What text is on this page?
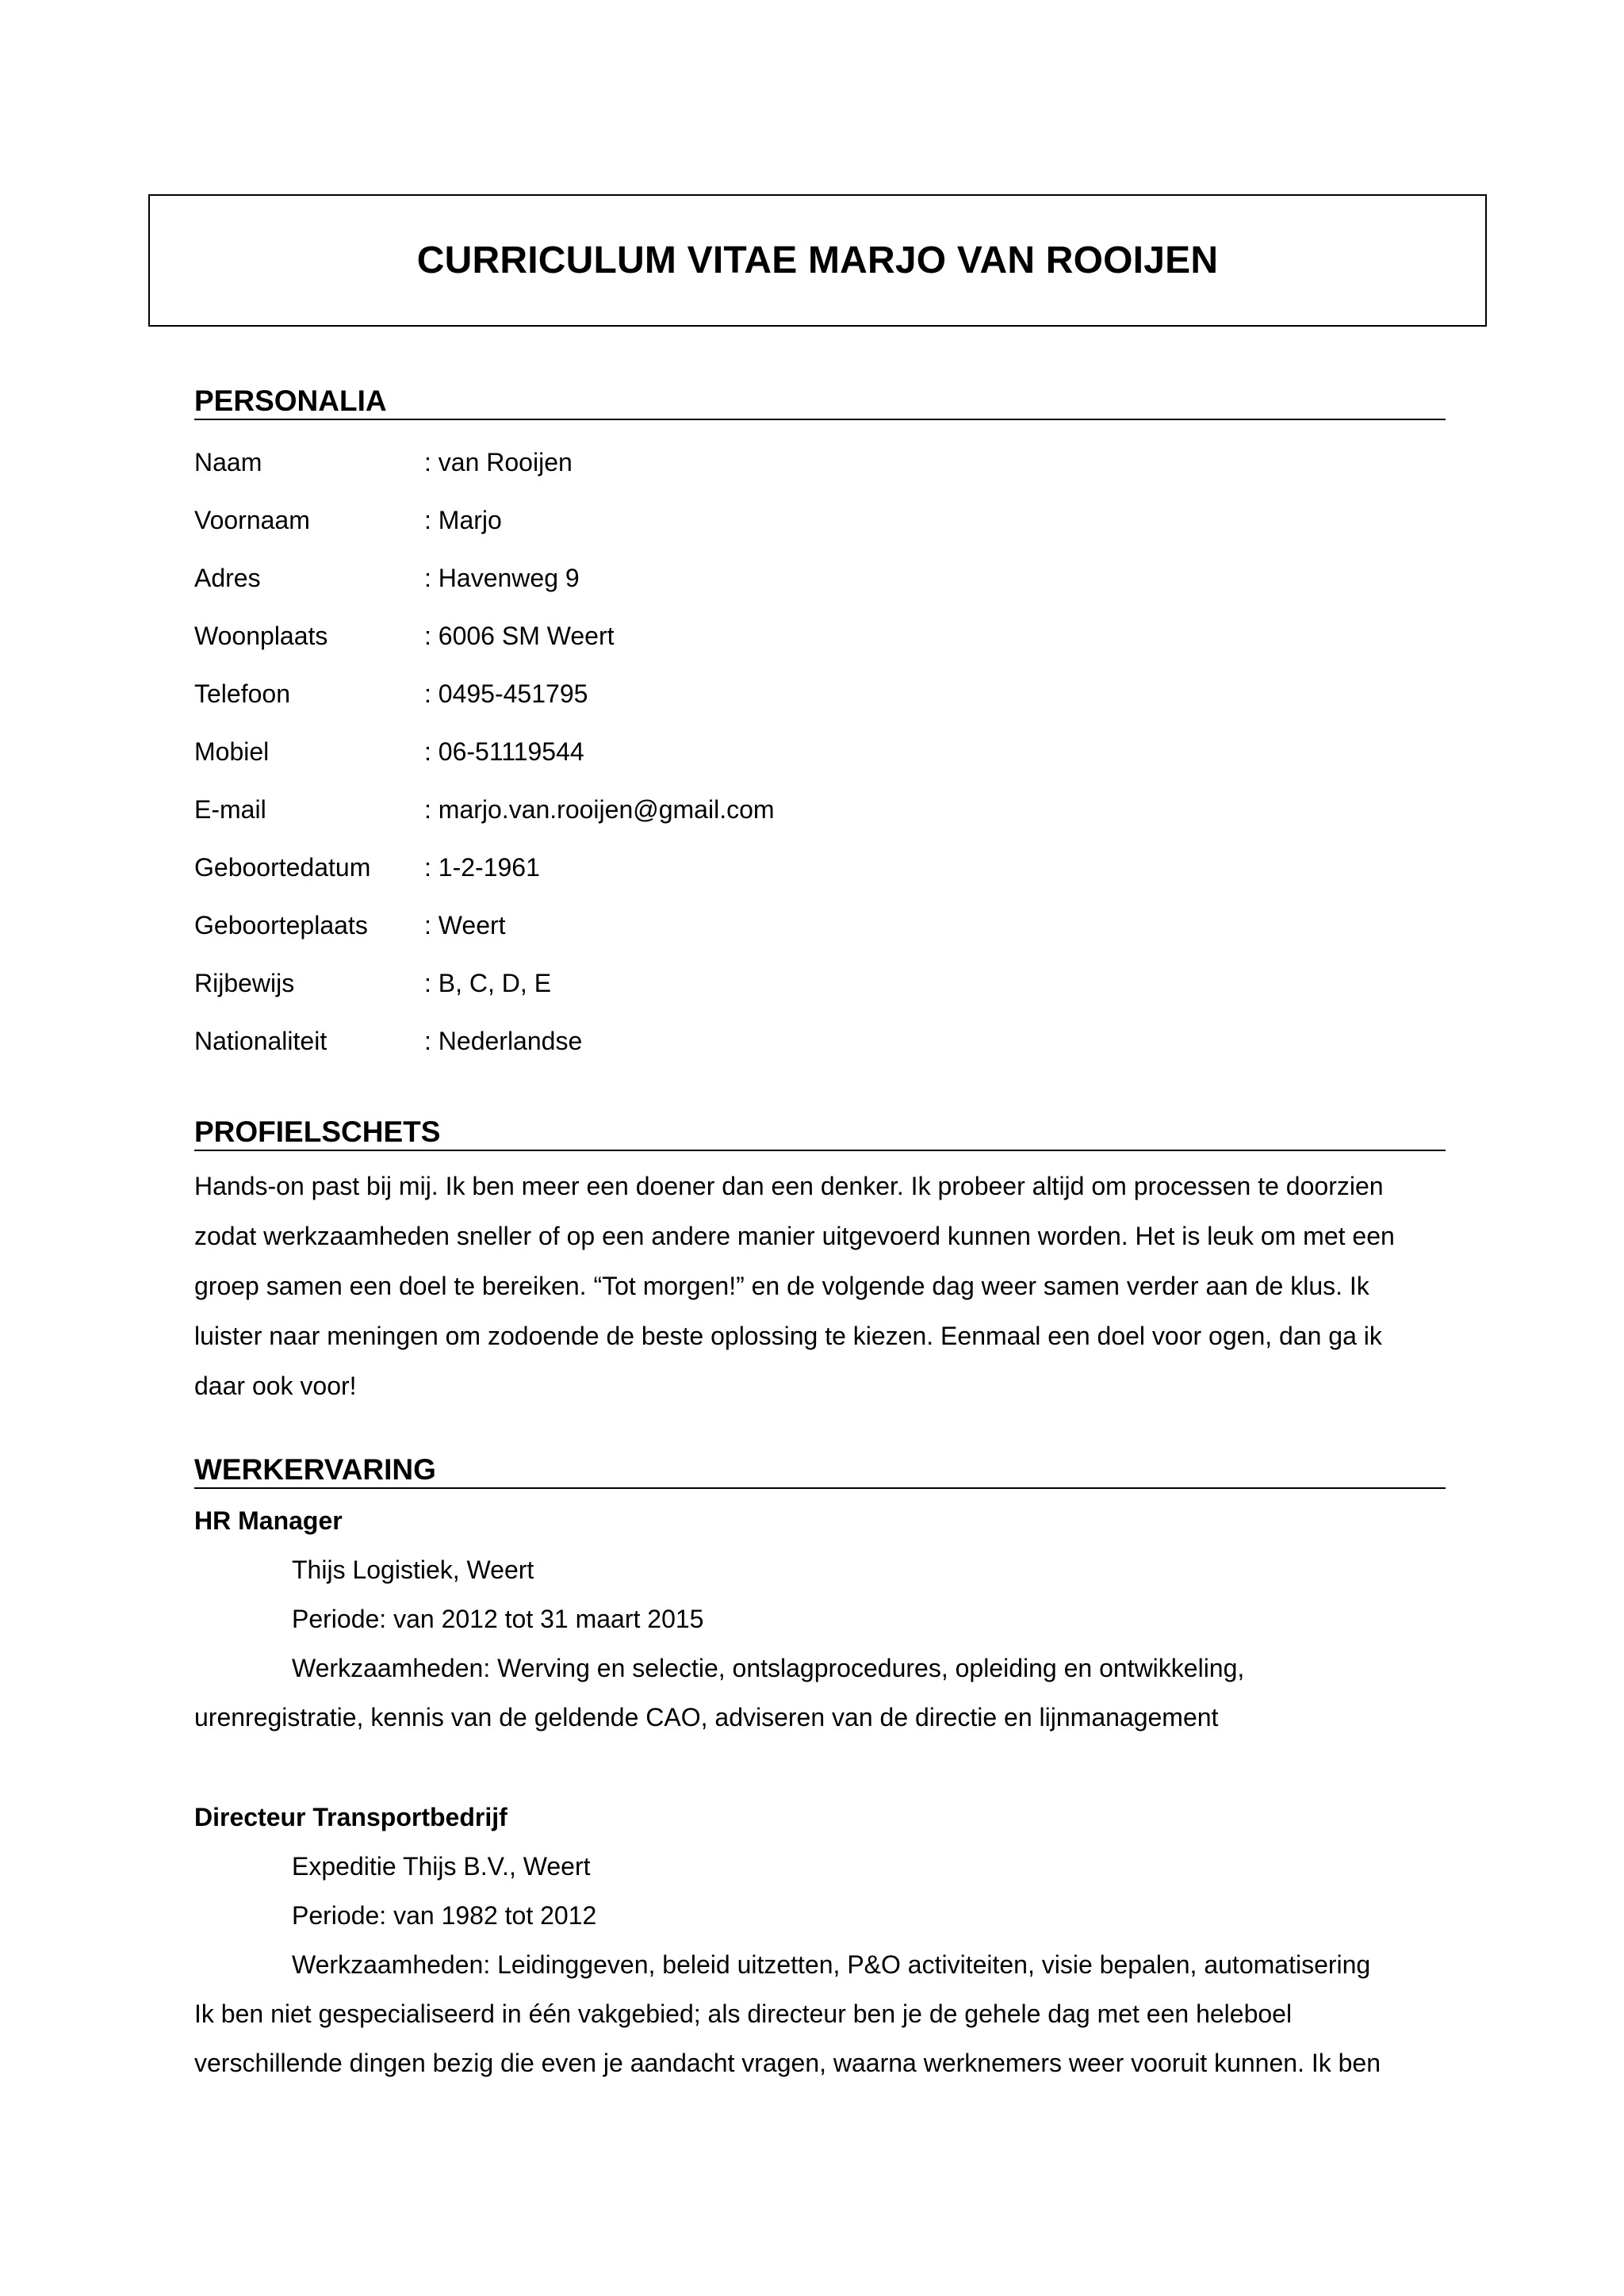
CURRICULUM VITAE MARJO VAN ROOIJEN
PERSONALIA
Naam	: van Rooijen
Voornaam	: Marjo
Adres	: Havenweg 9
Woonplaats	: 6006 SM Weert
Telefoon	: 0495-451795
Mobiel	: 06-51119544
E-mail	: marjo.van.rooijen@gmail.com
Geboortedatum : 1-2-1961
Geboorteplaats : Weert
Rijbewijs	: B, C, D, E
Nationaliteit	: Nederlandse
PROFIELSCHETS
Hands-on past bij mij. Ik ben meer een doener dan een denker. Ik probeer altijd om processen te doorzien
zodat werkzaamheden sneller of op een andere manier uitgevoerd kunnen worden. Het is leuk om met een
groep samen een doel te bereiken. “Tot morgen!” en de volgende dag weer samen verder aan de klus. Ik
luister naar meningen om zodoende de beste oplossing te kiezen. Eenmaal een doel voor ogen, dan ga ik
daar ook voor!
WERKERVARING
HR Manager
Thijs Logistiek, Weert
Periode: van 2012 tot 31 maart 2015
Werkzaamheden: Werving en selectie, ontslagprocedures, opleiding en ontwikkeling,
urenregistratie, kennis van de geldende CAO, adviseren van de directie en lijnmanagement
Directeur Transportbedrijf
Expeditie Thijs B.V., Weert
Periode: van 1982 tot 2012
Werkzaamheden: Leidinggeven, beleid uitzetten, P&O activiteiten, visie bepalen, automatisering
Ik ben niet gespecialiseerd in één vakgebied; als directeur ben je de gehele dag met een heleboel
verschillende dingen bezig die even je aandacht vragen, waarna werknemers weer vooruit kunnen. Ik ben
